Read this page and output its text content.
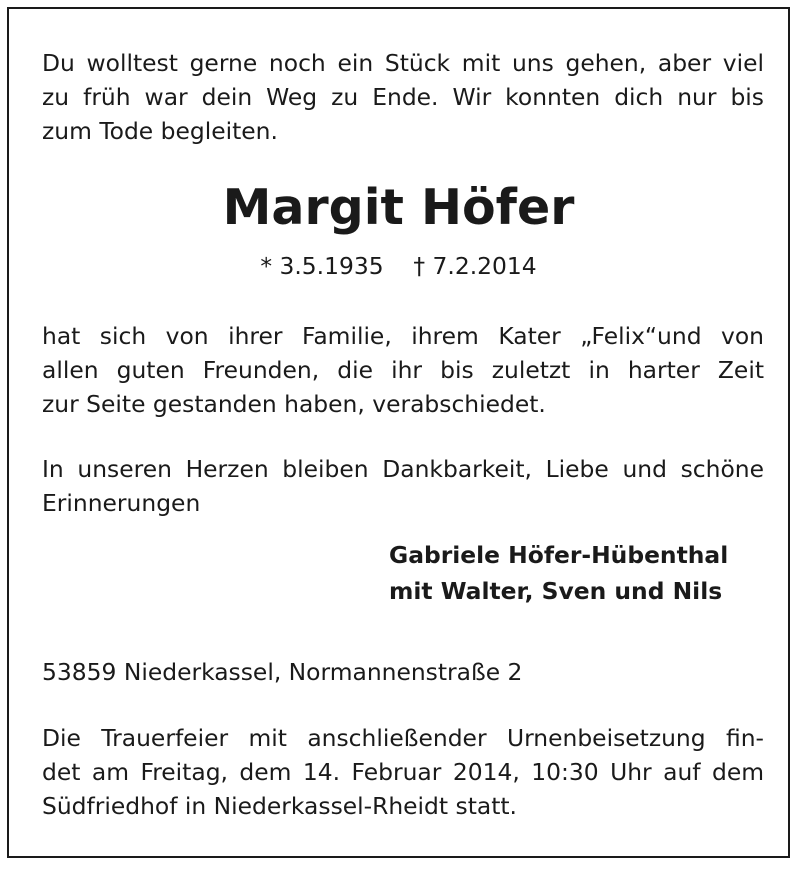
Du wolltest gerne noch ein Stück mit uns gehen, aber viel
zu früh war dein Weg zu Ende. Wir konnten dich nur bis
zum Tode begleiten.

Margit Höfer
* 3.5.1935 † 7.2.2014

hat sich von ihrer Familie, ihrem Kater „Felix“und von
allen guten Freunden, die ihr bis zuletzt in harter Zeit
zur Seite gestanden haben, verabschiedet.

In unseren Herzen bleiben Dankbarkeit, Liebe und schöne
Erinnerungen

Gabriele Höfer-Hübenthal
mit Walter, Sven und Nils

53859 Niederkassel, Normannenstraße 2

Die Trauerfeier mit anschließender Urnenbeisetzung fin-
det am Freitag, dem 14. Februar 2014, 10:30 Uhr auf dem
Südfriedhof in Niederkassel-Rheidt statt.
